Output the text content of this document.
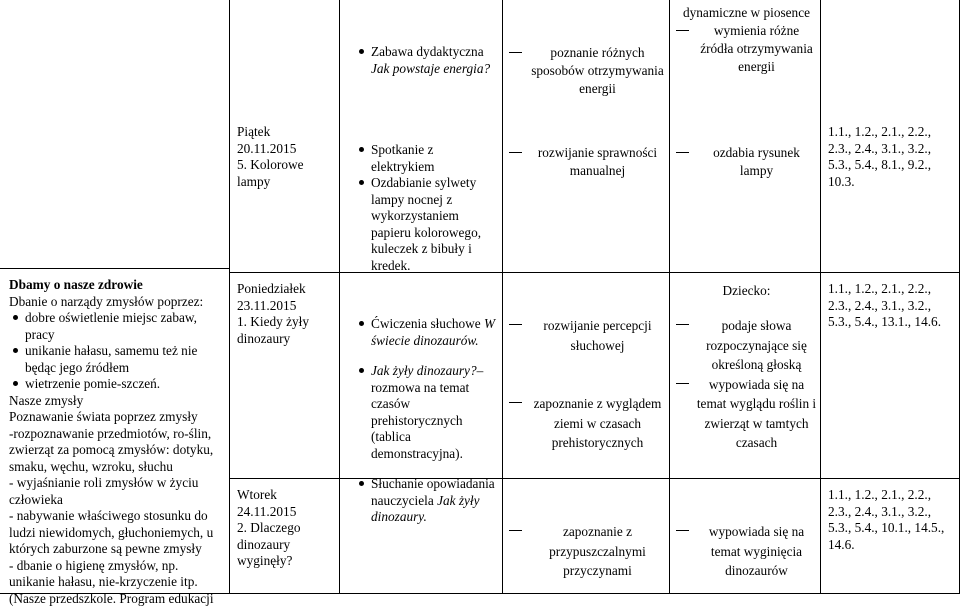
Dbamy o nasze zdrowie
Dbanie o narządy zmysłów poprzez:
dobre oświetlenie miejsc zabaw, pracy
unikanie hałasu, samemu też nie będąc jego źródłem
wietrzenie pomie-szczeń.
Nasze zmysły
Poznawanie świata poprzez zmysły
-rozpoznawanie przedmiotów, ro-ślin, zwierząt za pomocą zmysłów: dotyku, smaku, węchu, wzroku, słuchu
- wyjaśnianie roli zmysłów w życiu człowieka
- nabywanie właściwego stosunku do ludzi niewidomych, głuchoniemych, u których zaburzone są pewne zmysły
- dbanie o higienę zmysłów, np. unikanie hałasu, nie-krzyczenie itp.
(Nasze przedszkole. Program edukacji
Piątek
20.11.2015
5. Kolorowe lampy
Poniedziałek
23.11.2015
1. Kiedy żyły dinozaury
Wtorek
24.11.2015
2. Dlaczego dinozaury wyginęły?
Zabawa dydaktyczna Jak powstaje energia?
Spotkanie z elektrykiem
Ozdabianie sylwety lampy nocnej z wykorzystaniem papieru kolorowego, kuleczek z bibuły i kredek.
Ćwiczenia słuchowe W świecie dinozaurów.
Jak żyły dinozaury?– rozmowa na temat czasów prehistorycznych (tablica demonstracyjna).
Słuchanie opowiadania nauczyciela Jak żyły dinozaury.
poznanie różnych sposobów otrzymywania energii
rozwijanie sprawności manualnej
rozwijanie percepcji słuchowej
zapoznanie z wyglądem ziemi w czasach prehistorycznych
zapoznanie z przypuszczalnymi przyczynami
dynamiczne w piosence
wymienia różne źródła otrzymywania energii
ozdabia rysunek lampy
Dziecko:
podaje słowa rozpoczynające się określoną głoską
wypowiada się na temat wyglądu roślin i zwierząt w tamtych czasach
wypowiada się na temat wyginięcia dinozaurów
1.1., 1.2., 2.1., 2.2., 2.3., 2.4., 3.1., 3.2., 5.3., 5.4., 8.1., 9.2., 10.3.
1.1., 1.2., 2.1., 2.2., 2.3., 2.4., 3.1., 3.2., 5.3., 5.4., 13.1., 14.6.
1.1., 1.2., 2.1., 2.2., 2.3., 2.4., 3.1., 3.2., 5.3., 5.4., 10.1., 14.5., 14.6.
